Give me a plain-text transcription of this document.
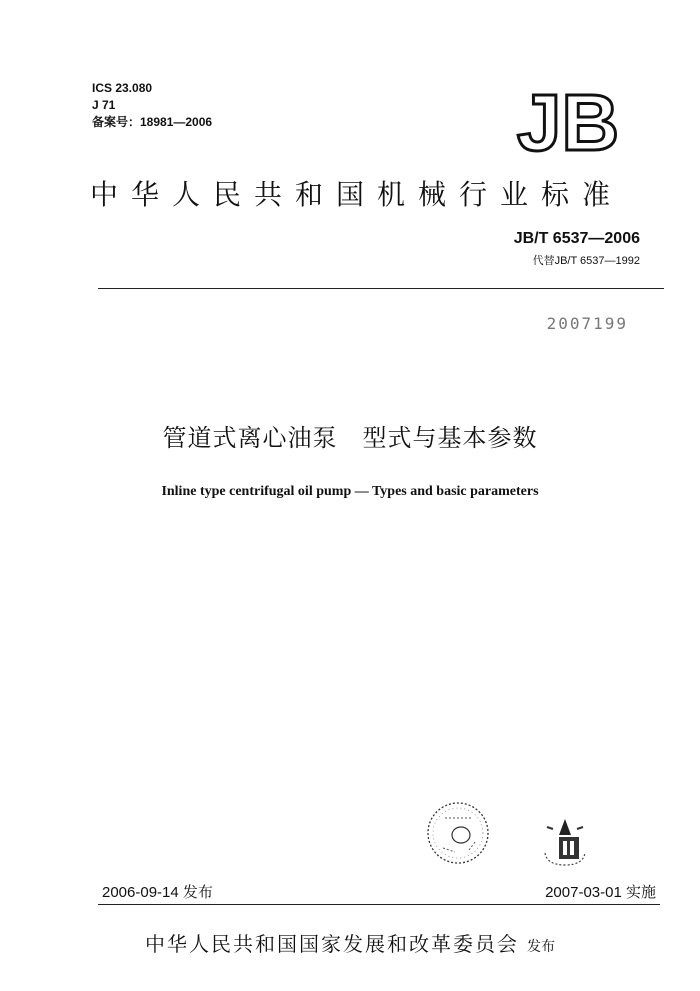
ICS 23.080
J 71
备案号：18981—2006	JB
中华人民共和国机械行业标准
JB/T 6537—2006
代替JB/T 6537—1992
2007199
管道式离心油泵　型式与基本参数
Inline type centrifugal oil pump — Types and basic parameters
2006-09-14 发布	2007-03-01 实施
中华人民共和国国家发展和改革委员会 发布
